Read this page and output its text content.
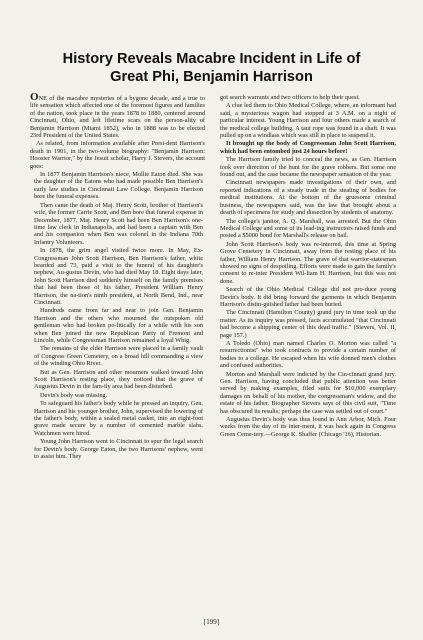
History Reveals Macabre Incident in Life of
Great Phi, Benjamin Harrison

ONE of the macabre mysteries of a bygone decade, and a true to life sensation which affected one of the foremost figures and families of the nation, took place in the years 1878 to 1880, centered around Cincinnati, Ohio, and left lifetime scars on the person-ality of Benjamin Harrison (Miami 1852), who in 1888 was to be elected 23rd President of the United States.

As related, from information available after Presi-dent Harrison's death in 1901, in the two-volume biography: "Benjamin Harrison: Hoosier Warrior," by the Jesuit scholar, Harry J. Sievers, the account goes:

In 1877 Benjamin Harrison's niece, Mollie Eaton died. She was the daughter of the Eatons who had made possible Ben Harrison's early law studies in Cincinnati Law College. Benjamin Harrison bore the funeral expenses.

Then came the death of Maj. Henry Scott, brother of Harrison's wife, the former Carrie Scott, and Ben bore that funeral expense in December, 1877. Maj. Henry Scott had been Ben Harrison's one-time law clerk in Indianapolis, and had been a captain with Ben and his companion when Ben was colonel in the Indiana 70th Infantry Volunteers.

In 1878, the grim angel visited twice more. In May, Ex-Congressman John Scott Harrison, Ben Harrison's father, white bearded and 73, paid a visit to the funeral of his daughter's nephew, Au-gustus Devin, who had died May 18. Eight days later, John Scott Harrison died suddenly himself on the family premises that had been those of his father, President William Henry Harrison, the na-tion's ninth president, at North Bend, Ind., near Cincinnati.

Hundreds came from far and near to join Gen. Benjamin Harrison and the others who mourned the outspoken old gentleman who had broken po-litically for a while with his son when Ben joined the new Republican Party of Fremont and Lincoln, while Congressman Harrison remained a loyal Whig.

The remains of the elder Harrison were placed in a family vault of Congress Green Cemetery, on a broad hill commanding a view of the winding Ohio River.

But as Gen. Harrison and other mourners walked toward John Scott Harrison's resting place, they noticed that the grave of Augustus Devin in the fam-ily area had been disturbed.

Devin's body was missing.

To safeguard his father's body while he pressed an inquiry, Gen. Harrison and his younger brother, John, supervised the lowering of the father's body, within a sealed metal casket, into an eight-foot grave made secure by a number of cemented marble slabs. Watchmen were hired.

Young John Harrison went to Cincinnati to spur the legal search for Devin's body. George Eaton, the two Harrisons' nephew, went to assist him. They

got search warrants and two officers to help their quest.

A clue led them to Ohio Medical College, where, an informant had said, a mysterious wagon had stopped at 3 A.M. on a night of particular interest. Young Harrison and four others made a search of the medical college building. A taut rope was found in a shaft. It was pulled up on a windlass which was still in place to suspend it.

It brought up the body of Congressman John Scott Harrison, which had been entombed just 24 hours before!

The Harrison family tried to conceal the news, as Gen. Harrison took over direction of the hunt for the grave robbers. But some one found out, and the case became the newspaper sensation of the year.

Cincinnati newspapers made investigations of their own, and reported indications of a steady trade in the stealing of bodies for medical institutions. At the bottom of the gruesome criminal business, the newspapers said, was the law that brought about a dearth of specimens for study and dissection by students of anatomy.

The college's janitor, A. Q. Marshall, was arrested. But the Ohio Medical College and some of its lead-ing instructors raised funds and posted a $5000 bond for Marshall's release on bail.

John Scott Harrison's body was re-interred, this time at Spring Grove Cemetery in Cincinnati, away from the resting place of his father, William Henry Harrison. The grave of that warrior-statesman showed no signs of despoiling. Efforts were made to gain the family's consent to re-inter President Wil-liam H. Harrison, but this was not done.

Search of the Ohio Medical College did not pro-duce young Devin's body. It did bring forward the garments in which Benjamin Harrison's distin-guished father had been buried.

The Cincinnati (Hamilton County) grand jury in time took up the matter. As its inquiry was pressed, facts accumulated "that Cincinnati had become a shipping center of this dead traffic." (Sievers, Vol. II, page 157.)

A Toledo (Ohio) man named Charles O. Morton was called "a resurrectionist" who took contracts to provide a certain number of bodies to a college. He escaped when his wife donned men's clothes and confused authorities.

Morton and Marshall were indicted by the Cin-cinnati grand jury. Gen. Harrison, having concluded that public attention was better served by making examples, filed suits for $10,000 exemplary damages on behalf of his mother, the congressman's widow, and the estate of his father. Biographer Sievers says of this civil suit, "Time has obscured its results; perhaps the case was settled out of court."

Augustus Devin's body was thus found in Ann Arbor, Mich. Four weeks from the day of its inter-ment, it was back again in Congress Green Ceme-tery.—George K. Shaffer (Chicago '16), Historian.

[199]
